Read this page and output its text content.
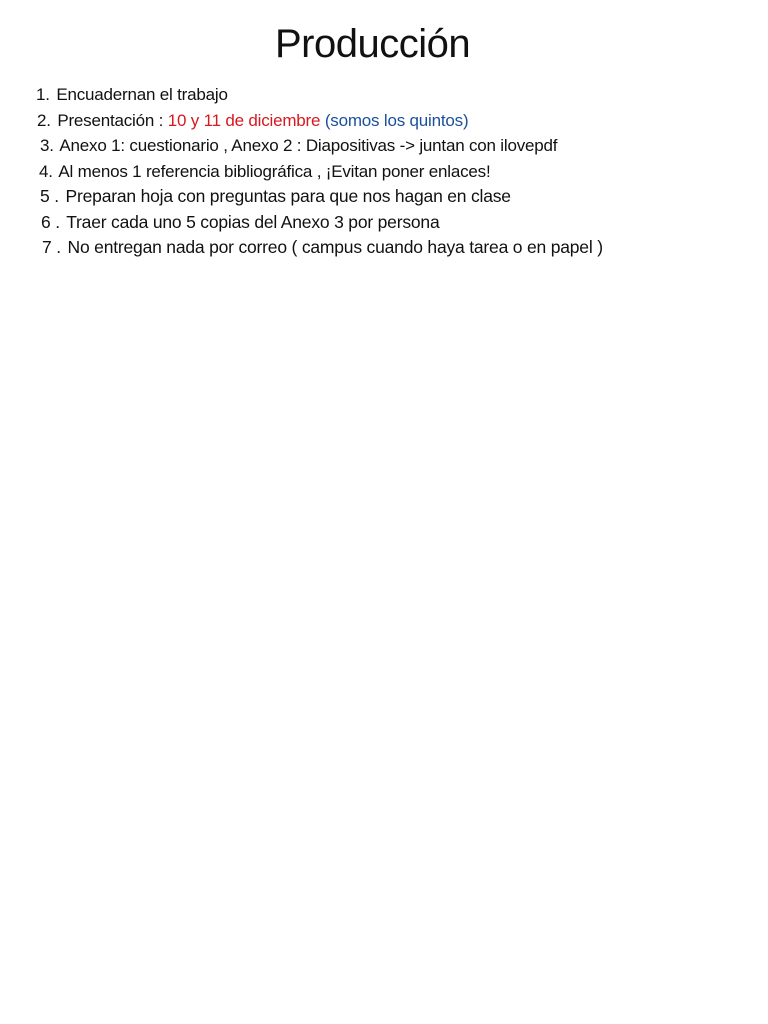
Producción
1. Encuadernan el trabajo
2. Presentación : 10 y 11 de diciembre (somos los quintos)
3. Anexo 1: cuestionario , Anexo 2 : Diapositivas -> juntan con ilovepdf
4. Al menos 1 referencia bibliográfica , ¡Evitan poner enlaces!
5 . Preparan hoja con preguntas para que nos hagan en clase
6 . Traer cada uno 5 copias del Anexo 3 por persona
7 . No entregan nada por correo ( campus cuando haya tarea o en papel )
